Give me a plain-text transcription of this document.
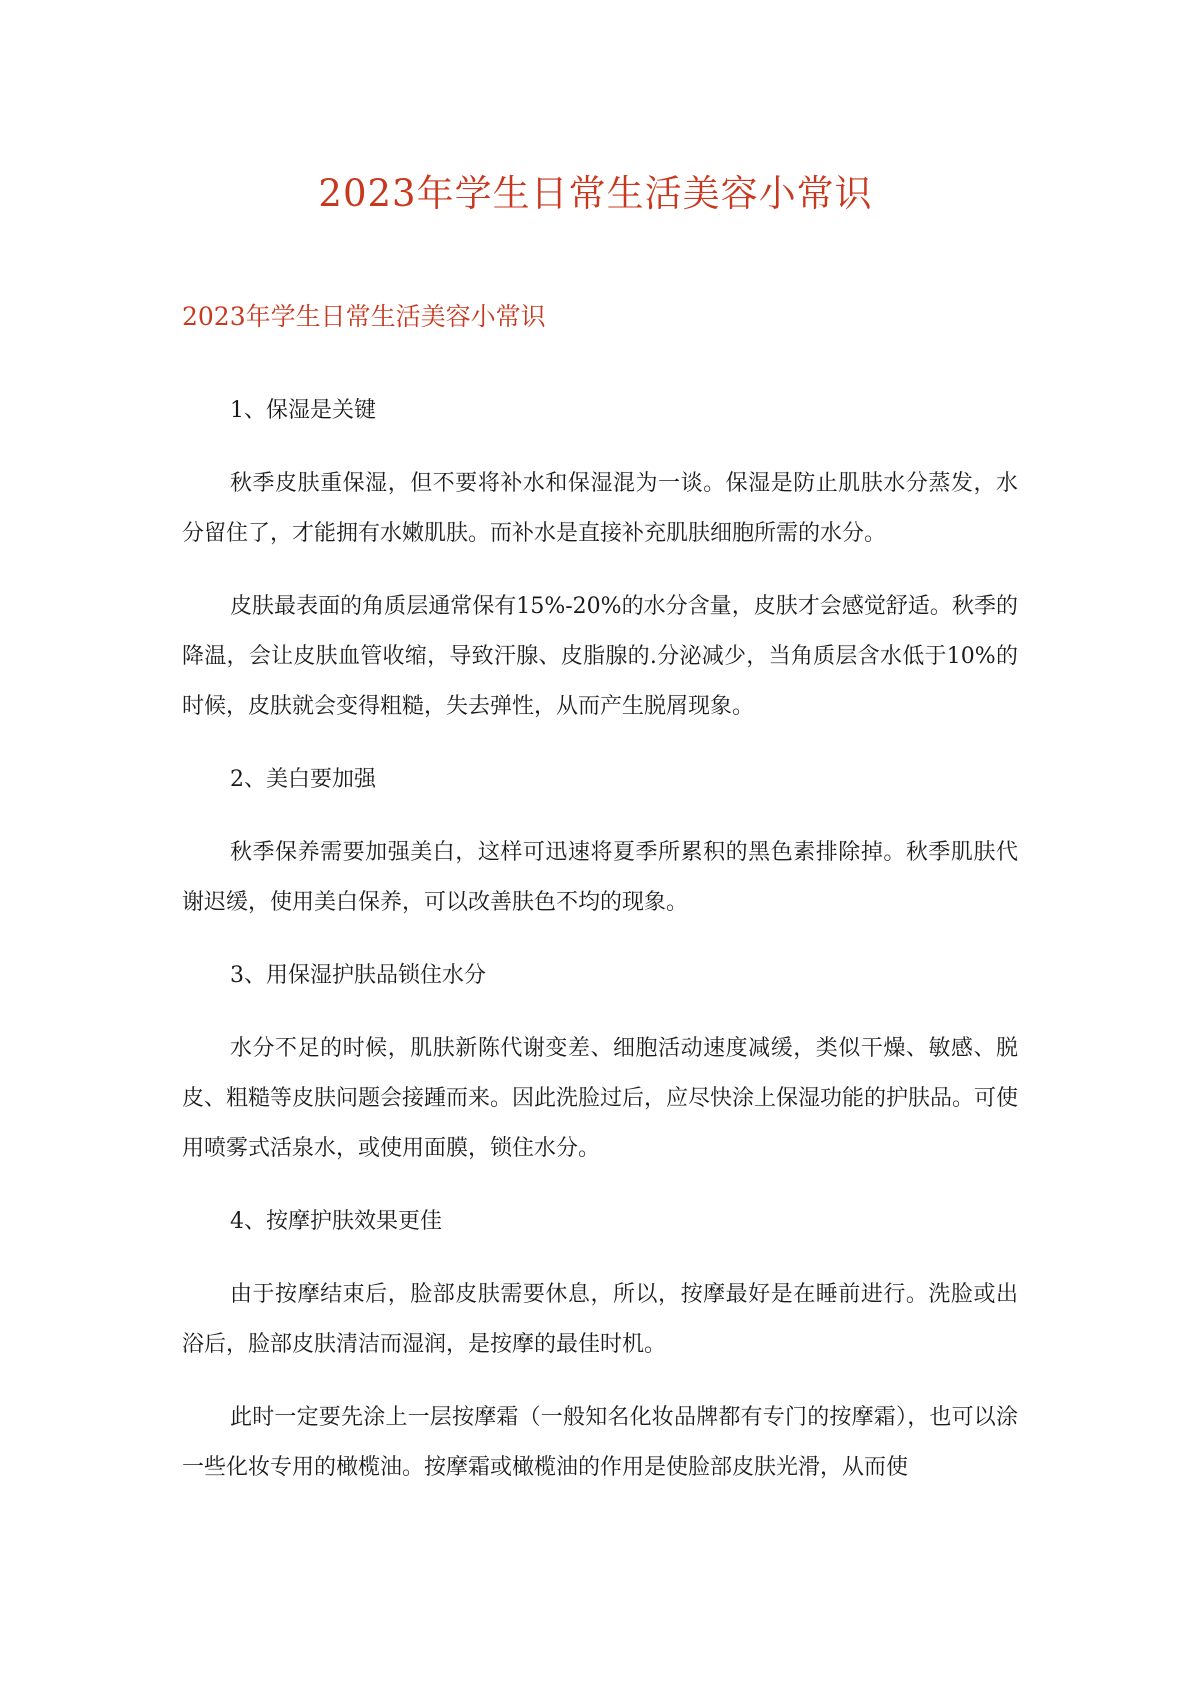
2023年学生日常生活美容小常识
2023年学生日常生活美容小常识

1、保湿是关键

秋季皮肤重保湿，但不要将补水和保湿混为一谈。保湿是防止肌肤水分蒸发，水分留住了，才能拥有水嫩肌肤。而补水是直接补充肌肤细胞所需的水分。

皮肤最表面的角质层通常保有15%-20%的水分含量，皮肤才会感觉舒适。秋季的降温，会让皮肤血管收缩，导致汗腺、皮脂腺的.分泌减少，当角质层含水低于10%的时候，皮肤就会变得粗糙，失去弹性，从而产生脱屑现象。

2、美白要加强

秋季保养需要加强美白，这样可迅速将夏季所累积的黑色素排除掉。秋季肌肤代谢迟缓，使用美白保养，可以改善肤色不均的现象。

3、用保湿护肤品锁住水分

水分不足的时候，肌肤新陈代谢变差、细胞活动速度减缓，类似干燥、敏感、脱皮、粗糙等皮肤问题会接踵而来。因此洗脸过后，应尽快涂上保湿功能的护肤品。可使用喷雾式活泉水，或使用面膜，锁住水分。

4、按摩护肤效果更佳

由于按摩结束后，脸部皮肤需要休息，所以，按摩最好是在睡前进行。洗脸或出浴后，脸部皮肤清洁而湿润，是按摩的最佳时机。

此时一定要先涂上一层按摩霜（一般知名化妆品牌都有专门的按摩霜），也可以涂一些化妆专用的橄榄油。按摩霜或橄榄油的作用是使脸部皮肤光滑，从而使
